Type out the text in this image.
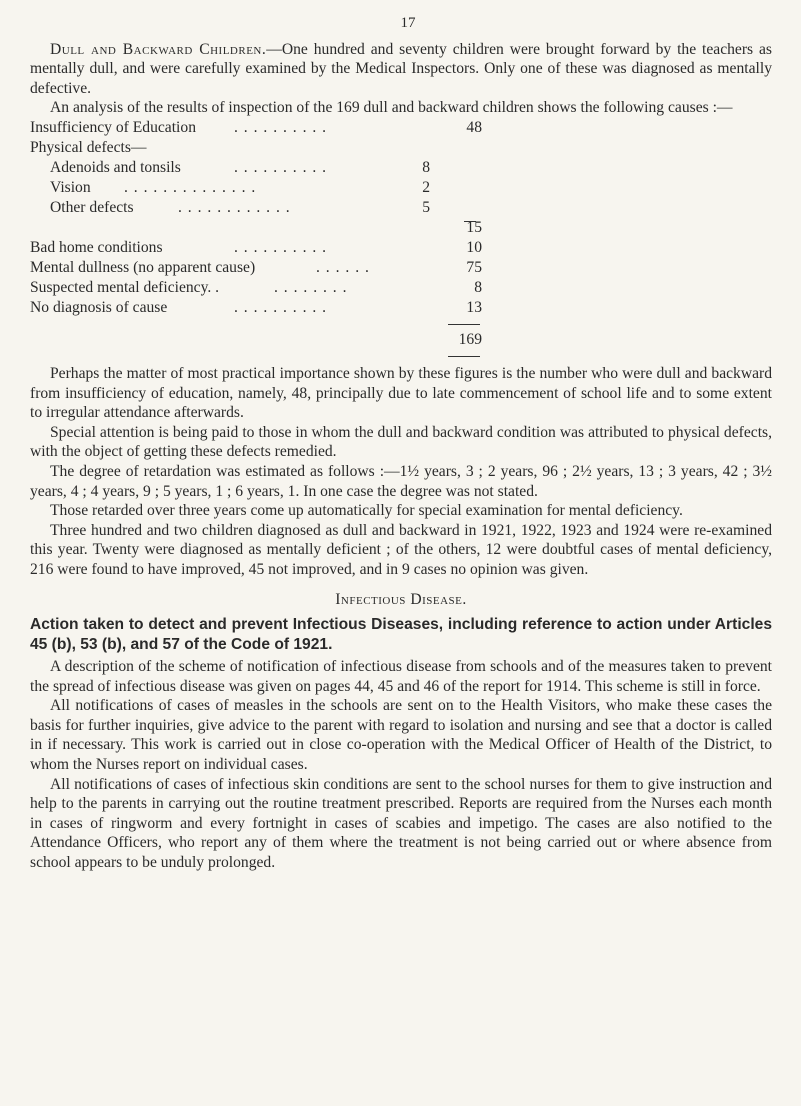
17

Dull and Backward Children.—One hundred and seventy children were brought forward by the teachers as mentally dull, and were carefully examined by the Medical Inspectors. Only one of these was diagnosed as mentally defective.

An analysis of the results of inspection of the 169 dull and backward children shows the following causes :—

Insufficiency of Education . . . . . . . . . .	48
Physical defects—
Adenoids and tonsils	. . . . . . . . . .	8
Vision . . . . . . . . . . . . . .	2
Other defects	. . . . . . . . . . . .	5
15
Bad home conditions	. . . . . . . . . .	10
Mental dullness (no apparent cause)	. . . . . .	75
Suspected mental deficiency. .	. . . . . . . .	8
No diagnosis of cause	. . . . . . . . . .	13
169

Perhaps the matter of most practical importance shown by these figures is the number who were dull and backward from insufficiency of education, namely, 48, principally due to late commencement of school life and to some extent to irregular attendance afterwards.

Special attention is being paid to those in whom the dull and backward condition was attributed to physical defects, with the object of getting these defects remedied.

The degree of retardation was estimated as follows :—1½ years, 3 ; 2 years, 96 ; 2½ years, 13 ; 3 years, 42 ; 3½ years, 4 ; 4 years, 9 ; 5 years, 1 ; 6 years, 1. In one case the degree was not stated.

Those retarded over three years come up automatically for special examination for mental deficiency.

Three hundred and two children diagnosed as dull and backward in 1921, 1922, 1923 and 1924 were re-examined this year. Twenty were diagnosed as mentally deficient ; of the others, 12 were doubtful cases of mental deficiency, 216 were found to have improved, 45 not improved, and in 9 cases no opinion was given.

Infectious Disease.

Action taken to detect and prevent Infectious Diseases, including reference to action under Articles 45 (b), 53 (b), and 57 of the Code of 1921.

A description of the scheme of notification of infectious disease from schools and of the measures taken to prevent the spread of infectious disease was given on pages 44, 45 and 46 of the report for 1914. This scheme is still in force.

All notifications of cases of measles in the schools are sent on to the Health Visitors, who make these cases the basis for further inquiries, give advice to the parent with regard to isolation and nursing and see that a doctor is called in if necessary. This work is carried out in close co-operation with the Medical Officer of Health of the District, to whom the Nurses report on individual cases.

All notifications of cases of infectious skin conditions are sent to the school nurses for them to give instruction and help to the parents in carrying out the routine treatment prescribed. Reports are required from the Nurses each month in cases of ringworm and every fortnight in cases of scabies and impetigo. The cases are also notified to the Attendance Officers, who report any of them where the treatment is not being carried out or where absence from school appears to be unduly prolonged.
